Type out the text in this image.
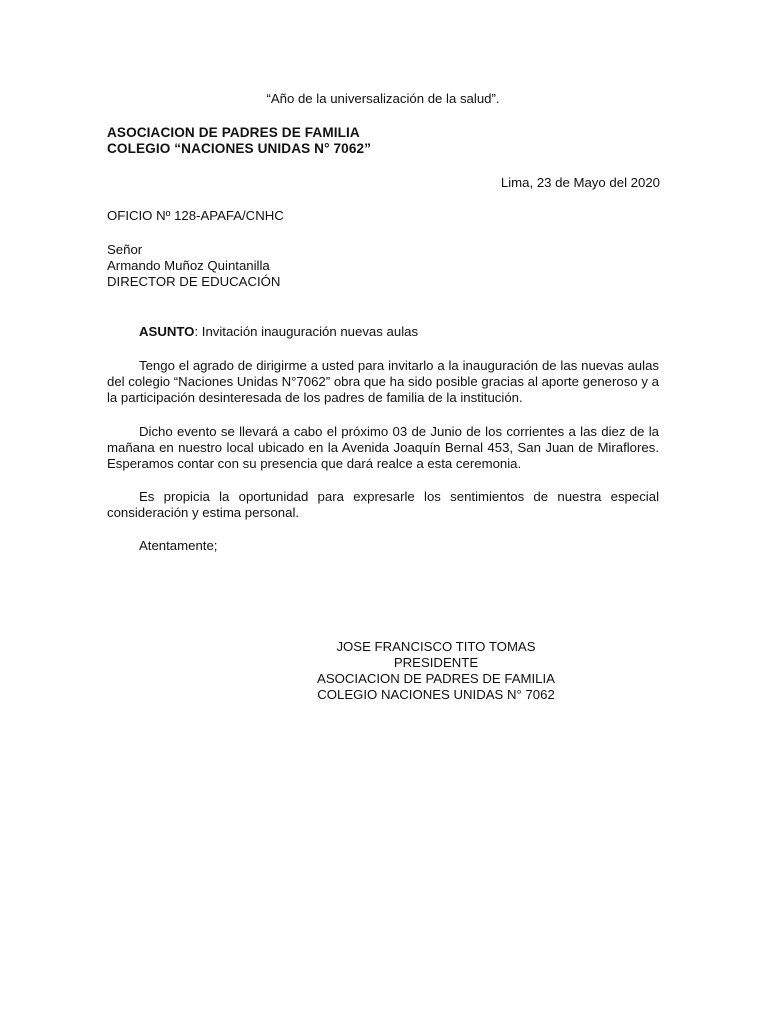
“Año de la universalización de la salud”.
ASOCIACION DE PADRES DE FAMILIA
COLEGIO “NACIONES UNIDAS N° 7062”
Lima, 23 de Mayo del 2020
OFICIO Nº 128-APAFA/CNHC
Señor
Armando Muñoz Quintanilla
DIRECTOR DE EDUCACIÓN
ASUNTO: Invitación inauguración nuevas aulas

Tengo el agrado de dirigirme a usted para invitarlo a la inauguración de las nuevas aulas del colegio “Naciones Unidas N°7062” obra que ha sido posible gracias al aporte generoso y a la participación desinteresada de los padres de familia de la institución.

Dicho evento se llevará a cabo el próximo 03 de Junio de los corrientes a las diez de la mañana en nuestro local ubicado en la Avenida Joaquín Bernal 453, San Juan de Miraflores. Esperamos contar con su presencia que dará realce a esta ceremonia.

Es propicia la oportunidad para expresarle los sentimientos de nuestra especial consideración y estima personal.

Atentamente;
JOSE FRANCISCO TITO TOMAS
PRESIDENTE
ASOCIACION DE PADRES DE FAMILIA
COLEGIO NACIONES UNIDAS N° 7062
